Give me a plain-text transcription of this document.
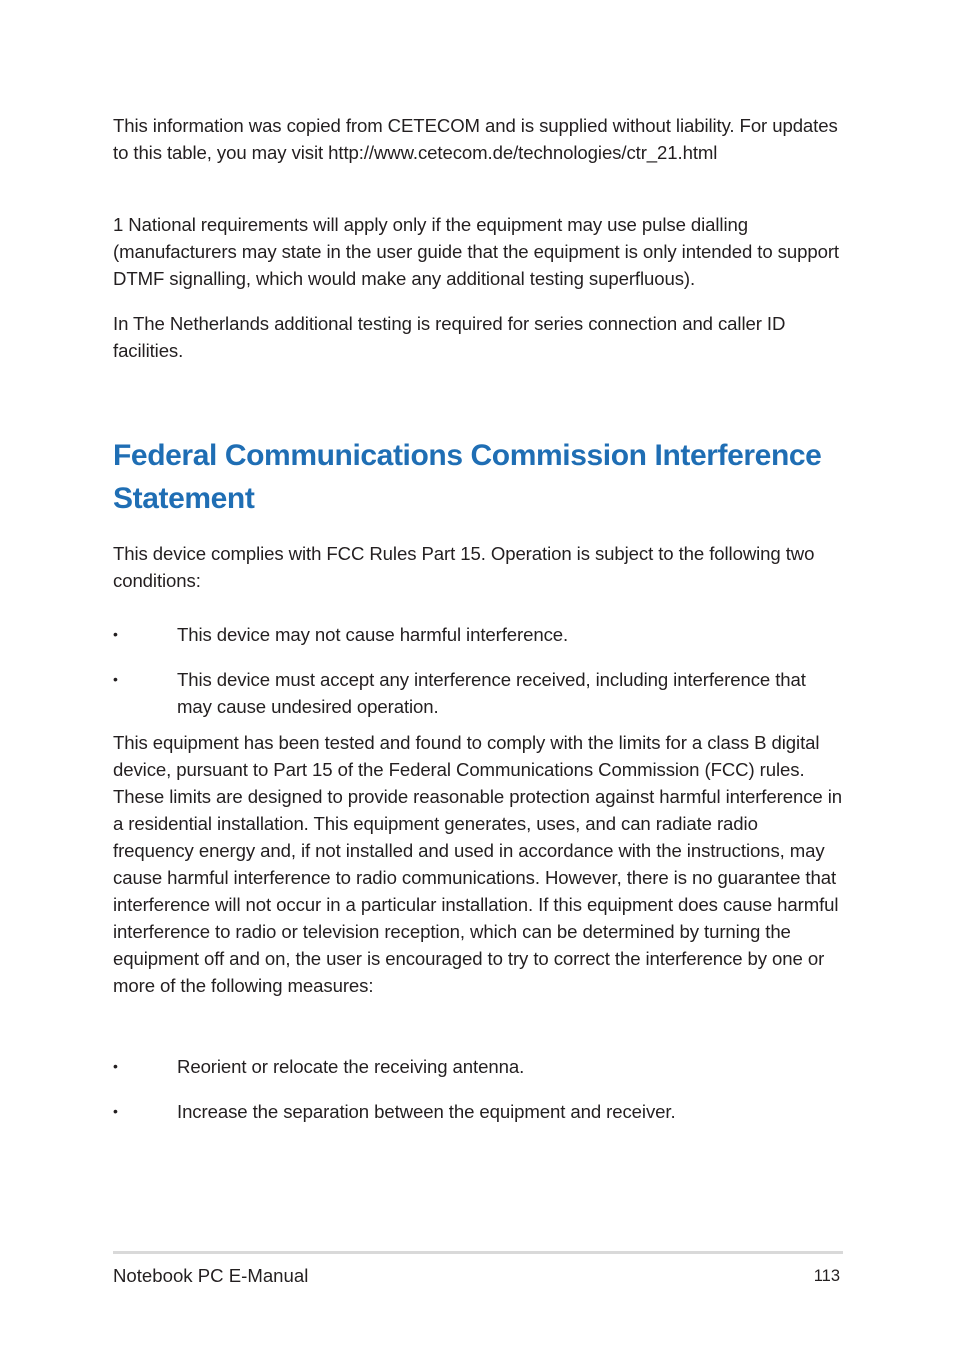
This information was copied from CETECOM and is supplied without liability. For updates to this table, you may visit http://www.cetecom.de/technologies/ctr_21.html

1 National requirements will apply only if the equipment may use pulse dialling (manufacturers may state in the user guide that the equipment is only intended to support DTMF signalling, which would make any additional testing superfluous).

In The Netherlands additional testing is required for series connection and caller ID facilities.

Federal Communications Commission Interference Statement

This device complies with FCC Rules Part 15. Operation is subject to the following two conditions:

•	This device may not cause harmful interference.
•	This device must accept any interference received, including interference that may cause undesired operation.

This equipment has been tested and found to comply with the limits for a class B digital device, pursuant to Part 15 of the Federal Communications Commission (FCC) rules. These limits are designed to provide reasonable protection against harmful interference in a residential installation. This equipment generates, uses, and can radiate radio frequency energy and, if not installed and used in accordance with the instructions, may cause harmful interference to radio communications. However, there is no guarantee that interference will not occur in a particular installation. If this equipment does cause harmful interference to radio or television reception, which can be determined by turning the equipment off and on, the user is encouraged to try to correct the interference by one or more of the following measures:

•	Reorient or relocate the receiving antenna.
•	Increase the separation between the equipment and receiver.
Notebook PC E-Manual	113
